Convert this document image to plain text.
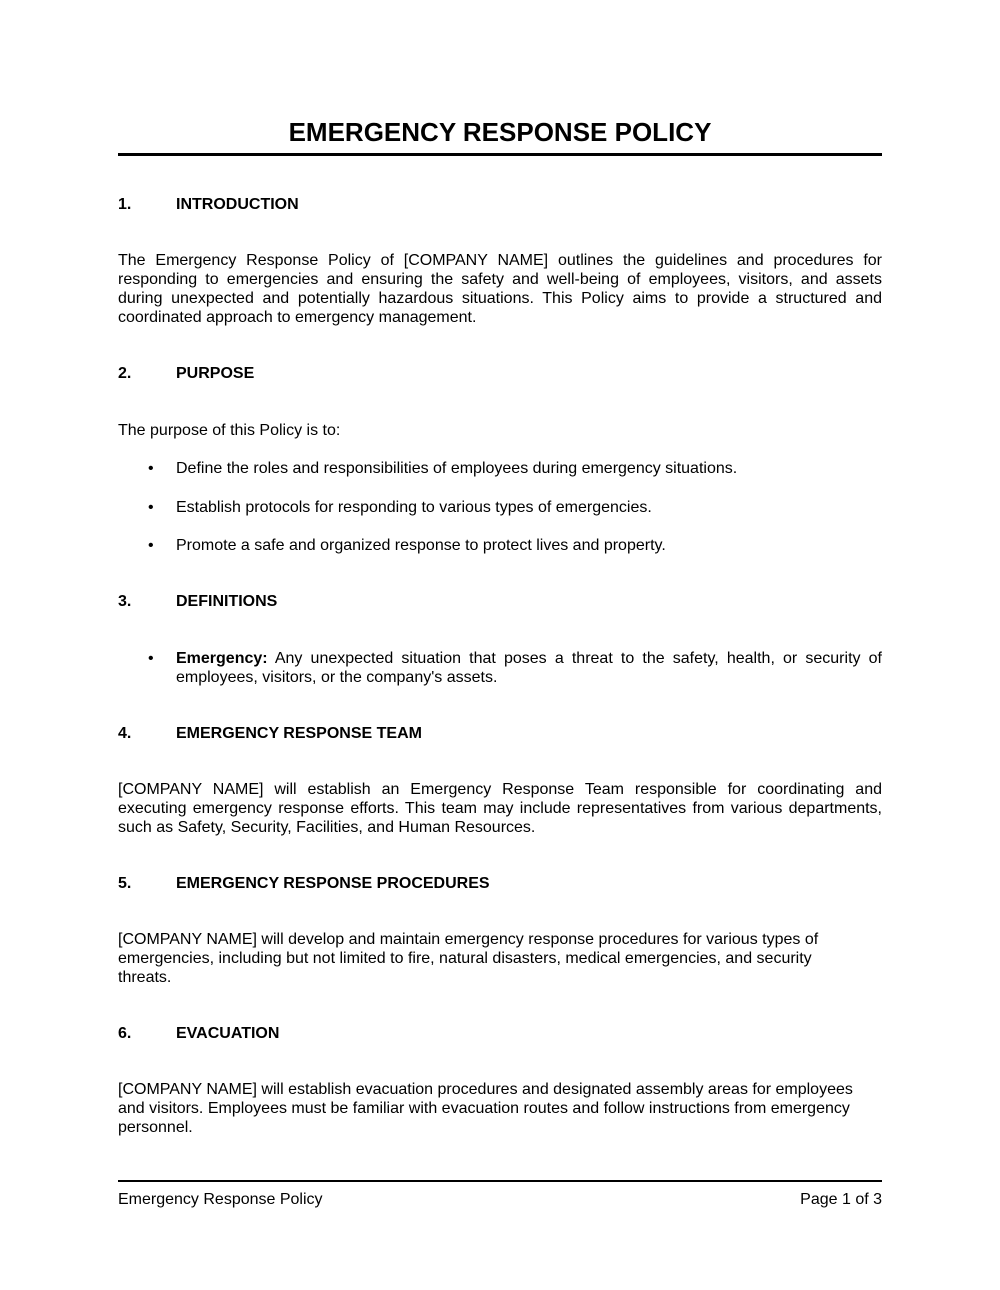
EMERGENCY RESPONSE POLICY
1.	INTRODUCTION

The Emergency Response Policy of [COMPANY NAME] outlines the guidelines and procedures for responding to emergencies and ensuring the safety and well-being of employees, visitors, and assets during unexpected and potentially hazardous situations. This Policy aims to provide a structured and coordinated approach to emergency management.

2.	PURPOSE

The purpose of this Policy is to:

• Define the roles and responsibilities of employees during emergency situations.
• Establish protocols for responding to various types of emergencies.
• Promote a safe and organized response to protect lives and property.
3.	DEFINITIONS
• Emergency: Any unexpected situation that poses a threat to the safety, health, or security of employees, visitors, or the company's assets.
4.	EMERGENCY RESPONSE TEAM

[COMPANY NAME] will establish an Emergency Response Team responsible for coordinating and executing emergency response efforts. This team may include representatives from various departments, such as Safety, Security, Facilities, and Human Resources.

5.	EMERGENCY RESPONSE PROCEDURES

[COMPANY NAME] will develop and maintain emergency response procedures for various types of emergencies, including but not limited to fire, natural disasters, medical emergencies, and security threats.

6.	EVACUATION

[COMPANY NAME] will establish evacuation procedures and designated assembly areas for employees and visitors. Employees must be familiar with evacuation routes and follow instructions from emergency personnel.

Emergency Response Policy	Page 1 of 3
